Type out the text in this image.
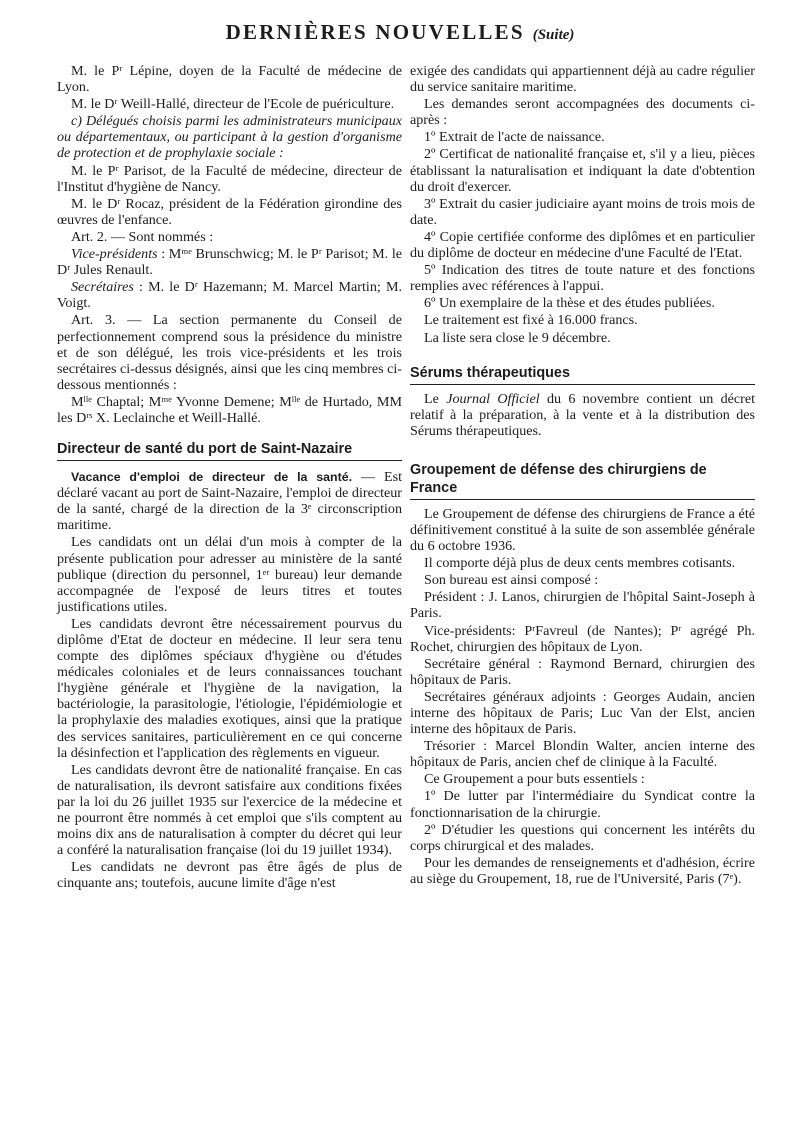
DERNIÈRES NOUVELLES (Suite)

M. le Pʳ Lépine, doyen de la Faculté de médecine de Lyon.

M. le Dʳ Weill-Hallé, directeur de l'Ecole de puériculture.

c) Délégués choisis parmi les administrateurs municipaux ou départementaux, ou participant à la gestion d'organisme de protection et de prophylaxie sociale :

M. le Pʳ Parisot, de la Faculté de médecine, directeur de l'Institut d'hygiène de Nancy.

M. le Dʳ Rocaz, président de la Fédération girondine des œuvres de l'enfance.

Art. 2. — Sont nommés :

Vice-présidents : Mᵐᵉ Brunschwicg; M. le Pʳ Parisot; M. le Dʳ Jules Renault.

Secrétaires : M. le Dʳ Hazemann; M. Marcel Martin; M. Voigt.

Art. 3. — La section permanente du Conseil de perfectionnement comprend sous la présidence du ministre et de son délégué, les trois vice-présidents et les trois secrétaires ci-dessus désignés, ainsi que les cinq membres ci-dessous mentionnés :

Mˡˡᵉ Chaptal; Mᵐᵉ Yvonne Demene; Mˡˡᵉ de Hurtado, MM les Dʳˢ X. Leclainche et Weill-Hallé.

Directeur de santé du port de Saint-Nazaire

Vacance d'emploi de directeur de la santé. — Est déclaré vacant au port de Saint-Nazaire, l'emploi de directeur de la santé, chargé de la direction de la 3ᵉ circonscription maritime.

Les candidats ont un délai d'un mois à compter de la présente publication pour adresser au ministère de la santé publique (direction du personnel, 1ᵉʳ bureau) leur demande accompagnée de l'exposé de leurs titres et toutes justifications utiles.

Les candidats devront être nécessairement pourvus du diplôme d'Etat de docteur en médecine. Il leur sera tenu compte des diplômes spéciaux d'hygiène ou d'études médicales coloniales et de leurs connaissances touchant l'hygiène générale et l'hygiène de la navigation, la bactériologie, la parasitologie, l'étiologie, l'épidémiologie et la prophylaxie des maladies exotiques, ainsi que la pratique des services sanitaires, particulièrement en ce qui concerne la désinfection et l'application des règlements en vigueur.

Les candidats devront être de nationalité française. En cas de naturalisation, ils devront satisfaire aux conditions fixées par la loi du 26 juillet 1935 sur l'exercice de la médecine et ne pourront être nommés à cet emploi que s'ils comptent au moins dix ans de naturalisation à compter du décret qui leur a conféré la naturalisation française (loi du 19 juillet 1934).

Les candidats ne devront pas être âgés de plus de cinquante ans; toutefois, aucune limite d'âge n'est

exigée des candidats qui appartiennent déjà au cadre régulier du service sanitaire maritime.

Les demandes seront accompagnées des documents ci-après :

1º Extrait de l'acte de naissance.

2º Certificat de nationalité française et, s'il y a lieu, pièces établissant la naturalisation et indiquant la date d'obtention du droit d'exercer.

3º Extrait du casier judiciaire ayant moins de trois mois de date.

4º Copie certifiée conforme des diplômes et en particulier du diplôme de docteur en médecine d'une Faculté de l'Etat.

5º Indication des titres de toute nature et des fonctions remplies avec références à l'appui.

6º Un exemplaire de la thèse et des études publiées.

Le traitement est fixé à 16.000 francs.

La liste sera close le 9 décembre.

Sérums thérapeutiques

Le Journal Officiel du 6 novembre contient un décret relatif à la préparation, à la vente et à la distribution des Sérums thérapeutiques.

Groupement de défense des chirurgiens de France

Le Groupement de défense des chirurgiens de France a été définitivement constitué à la suite de son assemblée générale du 6 octobre 1936.

Il comporte déjà plus de deux cents membres cotisants.

Son bureau est ainsi composé :

Président : J. Lanos, chirurgien de l'hôpital Saint-Joseph à Paris.

Vice-présidents: PʳFavreul (de Nantes); Pʳ agrégé Ph. Rochet, chirurgien des hôpitaux de Lyon.

Secrétaire général : Raymond Bernard, chirurgien des hôpitaux de Paris.

Secrétaires généraux adjoints : Georges Audain, ancien interne des hôpitaux de Paris; Luc Van der Elst, ancien interne des hôpitaux de Paris.

Trésorier : Marcel Blondin Walter, ancien interne des hôpitaux de Paris, ancien chef de clinique à la Faculté.

Ce Groupement a pour buts essentiels :

1º De lutter par l'intermédiaire du Syndicat contre la fonctionnarisation de la chirurgie.

2º D'étudier les questions qui concernent les intérêts du corps chirurgical et des malades.

Pour les demandes de renseignements et d'adhésion, écrire au siège du Groupement, 18, rue de l'Université, Paris (7ᵉ).
